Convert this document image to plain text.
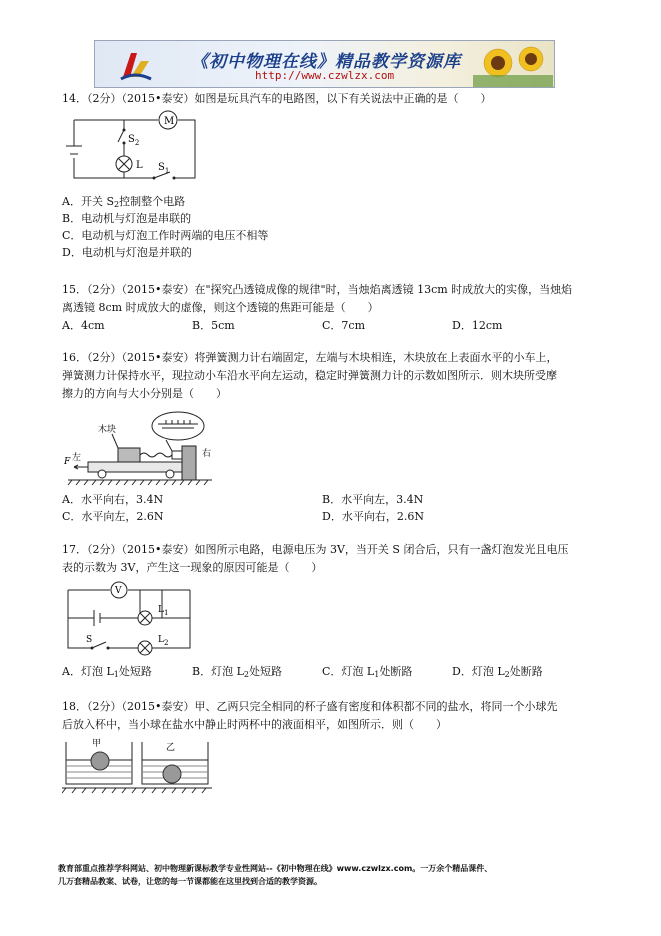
《初中物理在线》精品教学资源库
http://www.czwlzx.com
14．（2分）（2015•泰安）如图是玩具汽车的电路图，以下有关说法中正确的是（　　）
M
$S_2$
L $S_1$
A．开关 $S_2$控制整个电路
B．电动机与灯泡是串联的
C．电动机与灯泡工作时两端的电压不相等
D．电动机与灯泡是并联的
15．（2分）（2015•泰安）在"探究凸透镜成像的规律"时，当烛焰离透镜 13cm 时成放大的实像，当烛焰
离透镜 8cm 时成放大的虚像，则这个透镜的焦距可能是（　　）
A．4cm	B．5cm	C．7cm	D．12cm
16．（2分）（2015•泰安）将弹簧测力计右端固定，左端与木块相连，木块放在上表面水平的小车上，
弹簧测力计保持水平，现拉动小车沿水平向左运动，稳定时弹簧测力计的示数如图所示．则木块所受摩
擦力的方向与大小分别是（　　）
木块
左	右
F
A．水平向右，3.4N	B．水平向左，3.4N
C．水平向左，2.6N	D．水平向右，2.6N
17．（2分）（2015•泰安）如图所示电路，电源电压为 3V，当开关 S 闭合后，只有一盏灯泡发光且电压
表的示数为 3V，产生这一现象的原因可能是（　　）
V
$L_1$
S	$L_2$
A．灯泡 $L_1$处短路	B．灯泡 $L_2$处短路	C．灯泡 $L_1$处断路	D．灯泡 $L_2$处断路
18．（2分）（2015•泰安）甲、乙两只完全相同的杯子盛有密度和体积都不同的盐水，将同一个小球先
后放入杯中，当小球在盐水中静止时两杯中的液面相平，如图所示．则（　　）
甲	乙
教育部重点推荐学科网站、初中物理新课标教学专业性网站--《初中物理在线》www.czwlzx.com。一万余个精品课件、
几万套精品教案、试卷，让您的每一节课都能在这里找到合适的教学资源。
